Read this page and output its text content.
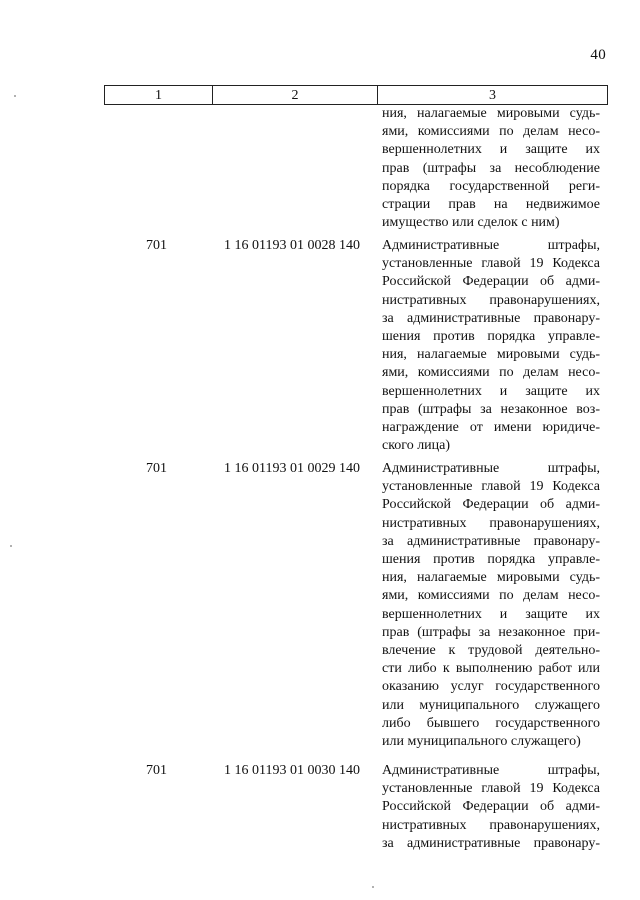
40
1	2	3
ния, налагаемые мировыми судь-
ями, комиссиями по делам несо-
вершеннолетних и защите их
прав (штрафы за несоблюдение
порядка государственной реги-
страции прав на недвижимое
имущество или сделок с ним)
701	1 16 01193 01 0028 140 Административные штрафы,
установленные главой 19 Кодекса
Российской Федерации об адми-
нистративных правонарушениях,
за административные правонару-
шения против порядка управле-
ния, налагаемые мировыми судь-
ями, комиссиями по делам несо-
вершеннолетних и защите их
прав (штрафы за незаконное воз-
награждение от имени юридиче-
ского лица)
701	1 16 01193 01 0029 140 Административные штрафы,
установленные главой 19 Кодекса
Российской Федерации об адми-
нистративных правонарушениях,
за административные правонару-
шения против порядка управле-
ния, налагаемые мировыми судь-
ями, комиссиями по делам несо-
вершеннолетних и защите их
прав (штрафы за незаконное при-
влечение к трудовой деятельно-
сти либо к выполнению работ или
оказанию услуг государственного
или муниципального служащего
либо бывшего государственного
или муниципального служащего)
701	1 16 01193 01 0030 140 Административные штрафы,
установленные главой 19 Кодекса
Российской Федерации об адми-
нистративных правонарушениях,
за административные правонару-
